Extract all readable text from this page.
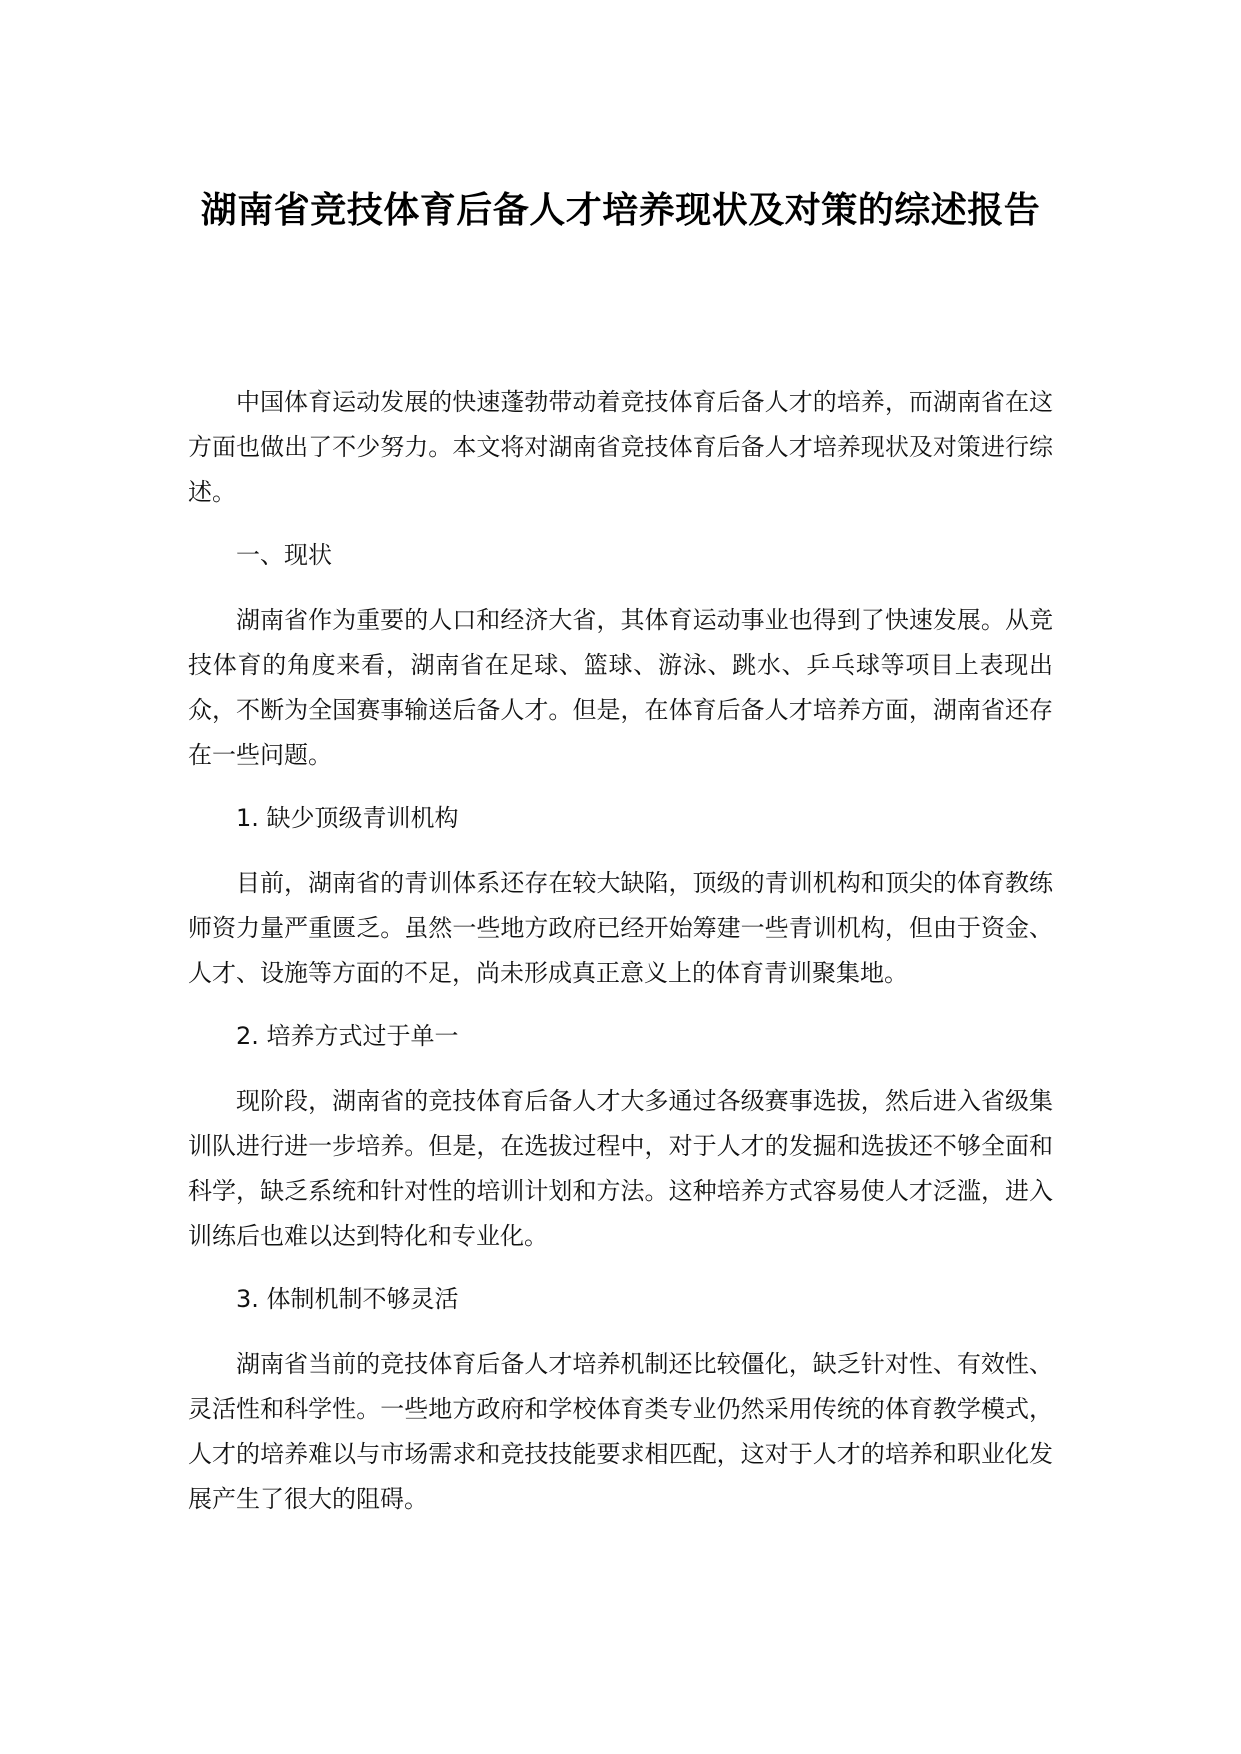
湖南省竞技体育后备人才培养现状及对策的综述报告

中国体育运动发展的快速蓬勃带动着竞技体育后备人才的培养，而湖南省在这方面也做出了不少努力。本文将对湖南省竞技体育后备人才培养现状及对策进行综述。

一、现状

湖南省作为重要的人口和经济大省，其体育运动事业也得到了快速发展。从竞技体育的角度来看，湖南省在足球、篮球、游泳、跳水、乒乓球等项目上表现出众，不断为全国赛事输送后备人才。但是，在体育后备人才培养方面，湖南省还存在一些问题。

1. 缺少顶级青训机构

目前，湖南省的青训体系还存在较大缺陷，顶级的青训机构和顶尖的体育教练师资力量严重匮乏。虽然一些地方政府已经开始筹建一些青训机构，但由于资金、人才、设施等方面的不足，尚未形成真正意义上的体育青训聚集地。

2. 培养方式过于单一

现阶段，湖南省的竞技体育后备人才大多通过各级赛事选拔，然后进入省级集训队进行进一步培养。但是，在选拔过程中，对于人才的发掘和选拔还不够全面和科学，缺乏系统和针对性的培训计划和方法。这种培养方式容易使人才泛滥，进入训练后也难以达到特化和专业化。

3. 体制机制不够灵活

湖南省当前的竞技体育后备人才培养机制还比较僵化，缺乏针对性、有效性、灵活性和科学性。一些地方政府和学校体育类专业仍然采用传统的体育教学模式，人才的培养难以与市场需求和竞技技能要求相匹配，这对于人才的培养和职业化发展产生了很大的阻碍。
